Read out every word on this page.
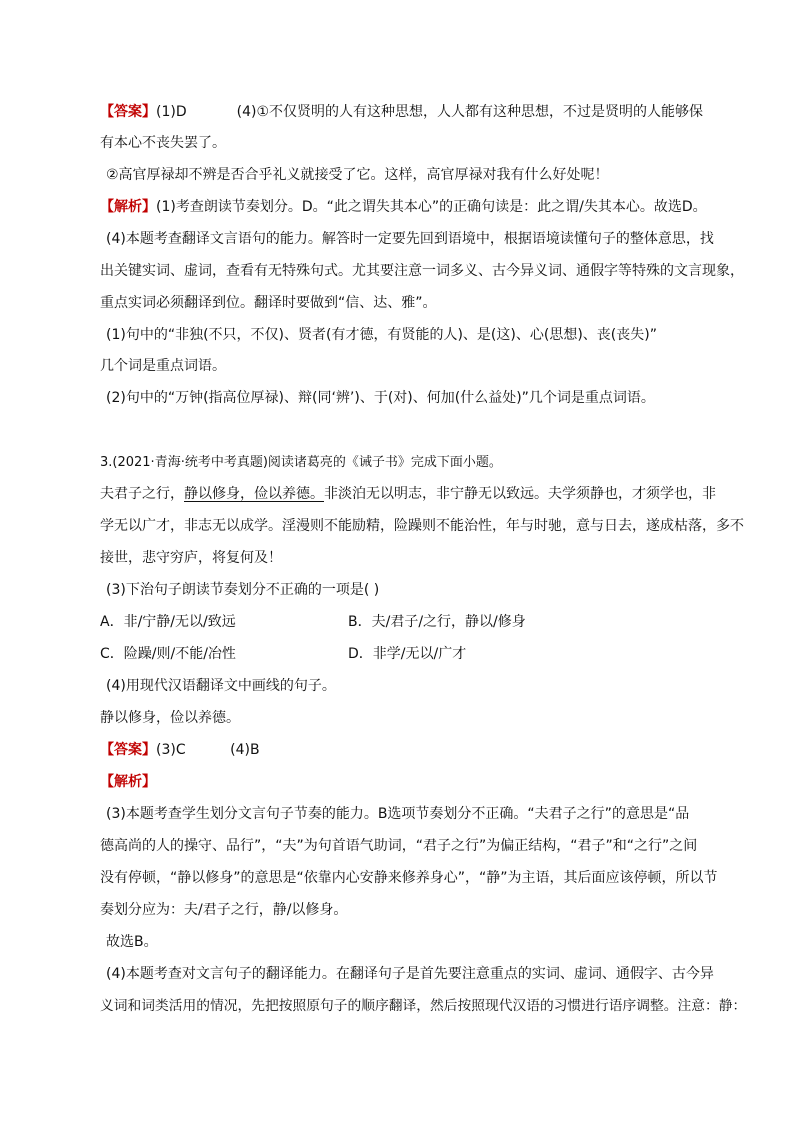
【答案】(1)D	(4)①不仅贤明的人有这种思想，人人都有这种思想，不过是贤明的人能够保
有本心不丧失罢了。
②高官厚禄却不辨是否合乎礼义就接受了它。这样，高官厚禄对我有什么好处呢！
【解析】(1)考查朗读节奏划分。D。“此之谓失其本心”的正确句读是：此之谓/失其本心。故选D。
(4)本题考查翻译文言语句的能力。解答时一定要先回到语境中，根据语境读懂句子的整体意思，找
出关键实词、虚词，查看有无特殊句式。尤其要注意一词多义、古今异义词、通假字等特殊的文言现象，
重点实词必须翻译到位。翻译时要做到“信、达、雅”。
(1)句中的“非独(不只，不仅)、贤者(有才德，有贤能的人)、是(这)、心(思想)、丧(丧失)”
几个词是重点词语。
(2)句中的“万钟(指高位厚禄)、辩(同‘辨’)、于(对)、何加(什么益处)”几个词是重点词语。
3.(2021·青海·统考中考真题)阅读诸葛亮的《诫子书》完成下面小题。
夫君子之行，静以修身，俭以养德。非淡泊无以明志，非宁静无以致远。夫学须静也，才须学也，非
学无以广才，非志无以成学。淫漫则不能励精，险躁则不能治性，年与时驰，意与日去，遂成枯落，多不
接世，悲守穷庐，将复何及！
(3)下治句子朗读节奏划分不正确的一项是( )
A．非/宁静/无以/致远	B．夫/君子/之行，静以/修身
C．险躁/则/不能/冶性	D．非学/无以/广才
(4)用现代汉语翻译文中画线的句子。
静以修身，俭以养德。
【答案】(3)C          (4)B
【解析】
(3)本题考查学生划分文言句子节奏的能力。B选项节奏划分不正确。“夫君子之行”的意思是“品
德高尚的人的操守、品行”，“夫”为句首语气助词，“君子之行”为偏正结构，“君子”和“之行”之间
没有停顿，“静以修身”的意思是“依靠内心安静来修养身心”，“静”为主语，其后面应该停顿，所以节
奏划分应为：夫/君子之行，静/以修身。
故选B。
(4)本题考查对文言句子的翻译能力。在翻译句子是首先要注意重点的实词、虚词、通假字、古今异
义词和词类活用的情况，先把按照原句子的顺序翻译，然后按照现代汉语的习惯进行语序调整。注意：静：
